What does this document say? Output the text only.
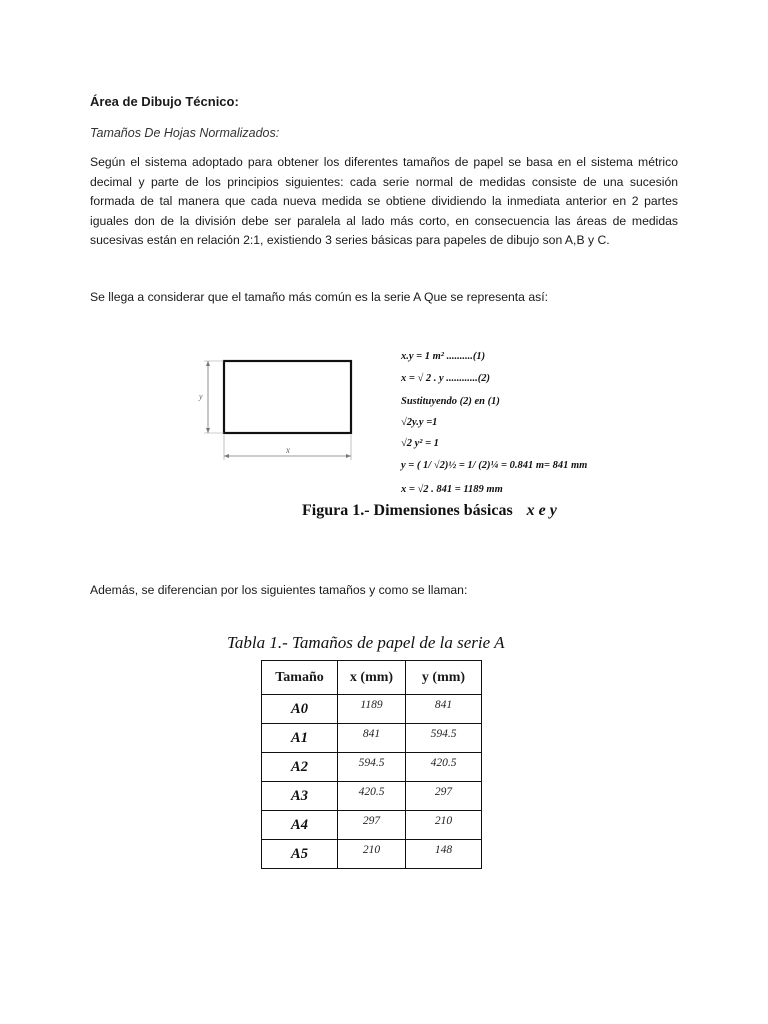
Área de Dibujo Técnico:
Tamaños De Hojas Normalizados:
Según el sistema adoptado para obtener los diferentes tamaños de papel se basa en el sistema métrico decimal y parte de los principios siguientes: cada serie normal de medidas consiste de una sucesión formada de tal manera que cada nueva medida se obtiene dividiendo la inmediata anterior en 2 partes iguales don de la división debe ser paralela al lado más corto, en consecuencia las áreas de medidas sucesivas están en relación 2:1, existiendo 3 series básicas para papeles de dibujo son A,B y C.
Se llega a considerar que el tamaño más común es la serie A Que se representa así:
x
y
x.y = 1 m² ..........(1)
x = √ 2 . y ............(2)
Sustituyendo (2) en (1)
√2y.y =1
√2 y² = 1
y = ( 1/ √2)½ = 1/ (2)¼ = 0.841 m= 841 mm
x = √2 . 841 = 1189 mm
Figura 1.- Dimensiones básicas x e y
Además, se diferencian por los siguientes tamaños y como se llaman:
Tabla 1.- Tamaños de papel de la serie A
Tamaño	x (mm)	y (mm)
A0	1189	841
A1	841	594.5
A2	594.5	420.5
A3	420.5	297
A4	297	210
A5	210	148
